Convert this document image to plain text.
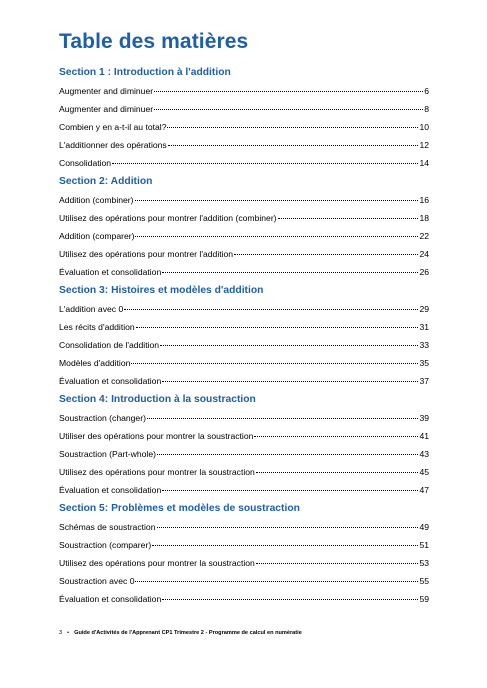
Table des matières
Section 1 : Introduction à l'addition
Augmenter and diminuer	6
Augmenter and diminuer	8
Combien y en a-t-il au total?	10
L'additionner des opérations	12
Consolidation	14
Section 2: Addition
Addition (combiner)	16
Utilisez des opérations pour montrer l'addition (combiner)	18
Addition (comparer)	22
Utilisez des opérations pour montrer l'addition	24
Évaluation et consolidation	26
Section 3: Histoires et modèles d'addition
L'addition avec 0	29
Les récits d'addition	31
Consolidation de l'addition	33
Modèles d'addition	35
Évaluation et consolidation	37
Section 4: Introduction à la soustraction
Soustraction (changer)	39
Utiliser des opérations pour montrer la soustraction	41
Soustraction (Part-whole)	43
Utilisez des opérations pour montrer la soustraction	45
Évaluation et consolidation	47
Section 5: Problèmes et modèles de soustraction
Schémas de soustraction	49
Soustraction (comparer)	51
Utilisez des opérations pour montrer la soustraction	53
Soustraction avec 0	55
Évaluation et consolidation	59
3 • Guide d'Activités de l'Apprenant CP1 Trimestre 2 - Programme de calcul en numératie
